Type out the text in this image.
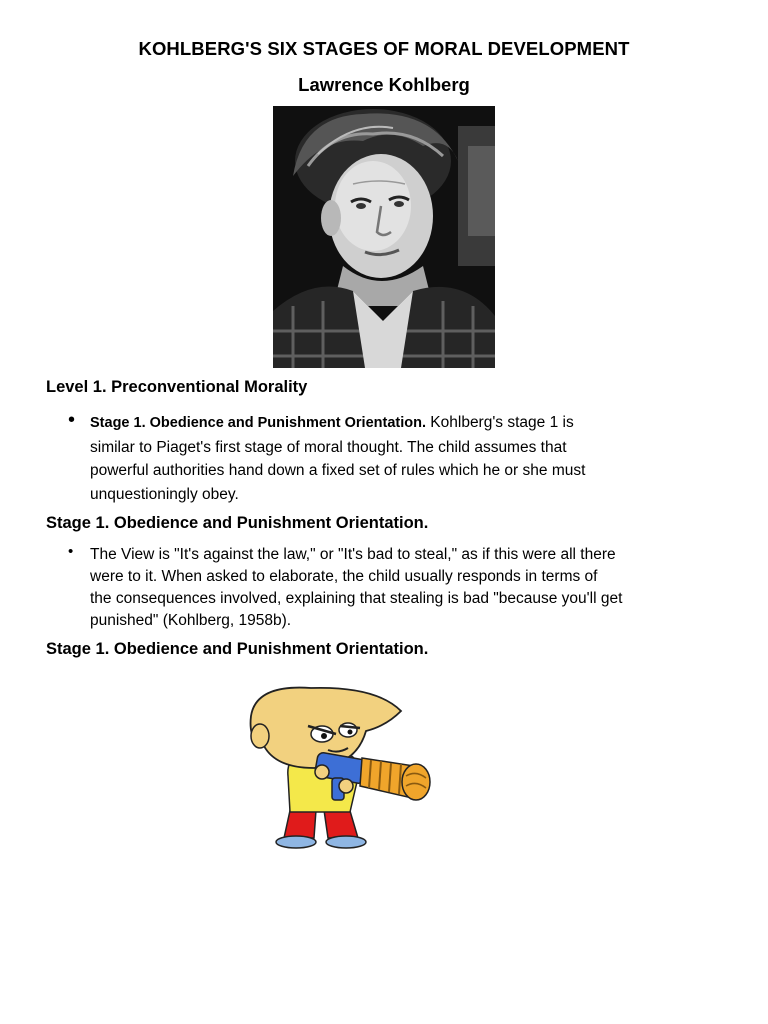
KOHLBERG'S SIX STAGES OF MORAL DEVELOPMENT
Lawrence Kohlberg
Level 1. Preconventional Morality
• Stage 1. Obedience and Punishment Orientation. Kohlberg's stage 1 is
similar to Piaget's first stage of moral thought. The child assumes that
powerful authorities hand down a fixed set of rules which he or she must
unquestioningly obey.
Stage 1. Obedience and Punishment Orientation.
• The View is "It's against the law," or "It's bad to steal," as if this were all there
were to it. When asked to elaborate, the child usually responds in terms of
the consequences involved, explaining that stealing is bad "because you'll get
punished" (Kohlberg, 1958b).
Stage 1. Obedience and Punishment Orientation.
